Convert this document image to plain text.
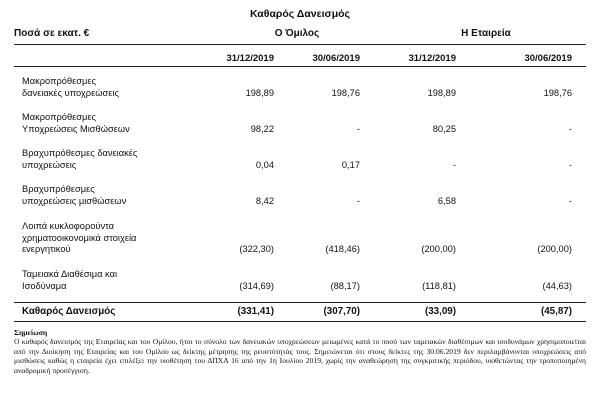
Καθαρός Δανεισμός
Ποσά σε εκατ. €	Ο Όμιλος	Η Εταιρεία
31/12/2019	30/06/2019	31/12/2019	30/06/2019
Μακροπρόθεσμες
δανειακές υποχρεώσεις	198,89	198,76	198,89	198,76
Μακροπρόθεσμες
Υποχρεώσεις Μισθώσεων	98,22	-	80,25	-
Βραχυπρόθεσμες δανειακές
υποχρεώσεις	0,04	0,17	-	-
Βραχυπρόθεσμες
υποχρεώσεις μισθώσεων	8,42	-	6,58	-
Λοιπά κυκλοφορούντα
χρηματοοικονομικά στοιχεία
ενεργητικού	(322,30)	(418,46)	(200,00)	(200,00)
Ταμειακά Διαθέσιμα και
Ισοδύναμα	(314,69)	(88,17)	(118,81)	(44,63)
Καθαρός Δανεισμός	(331,41)	(307,70)	(33,09)	(45,87)
Σημείωση
Ο καθαρός δανεισμός της Εταιρείας και του Ομίλου, ήτοι το σύνολο των δανειακών υποχρεώσεων μειωμένες κατά το ποσό των ταμειακών διαθέσιμων και ισοδυνάμων χρησιμοποιείται από την Διοίκηση της Εταιρείας και του Ομίλου ως δείκτης μέτρησης της ρευστότητάς τους. Σημειώνεται ότι στους δείκτες της 30.06.2019 δεν περιλαμβάνονται υποχρεώσεις από μισθώσεις καθώς η εταιρεία έχει επιλέξει την υιοθέτηση του ΔΠΧΑ 16 από την 1η Ιουλίου 2019, χωρίς την αναθεώρηση της συγκριτικής περιόδου, υιοθετώντας την τροποποιημένη αναδρομική προσέγγιση.
